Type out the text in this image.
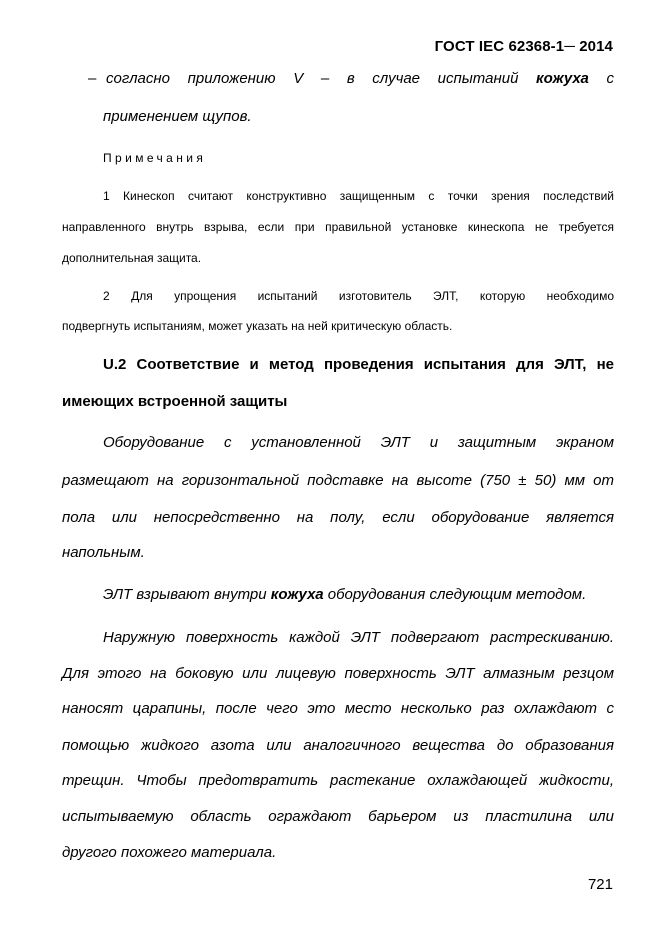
ГОСТ IEC 62368-1─ 2014
– согласно приложению V – в случае испытаний кожуха с
применением щупов.
Примечания
1 Кинескоп считают конструктивно защищенным с точки зрения последствий
направленного внутрь взрыва, если при правильной установке кинескопа не требуется
дополнительная защита.
2 Для упрощения испытаний изготовитель ЭЛТ, которую необходимо
подвергнуть испытаниям, может указать на ней критическую область.
U.2 Соответствие и метод проведения испытания для ЭЛТ, не
имеющих встроенной защиты
Оборудование с установленной ЭЛТ и защитным экраном
размещают на горизонтальной подставке на высоте (750 ± 50) мм от
пола или непосредственно на полу, если оборудование является
напольным.
ЭЛТ взрывают внутри кожуха оборудования следующим методом.
Наружную поверхность каждой ЭЛТ подвергают растрескиванию.
Для этого на боковую или лицевую поверхность ЭЛТ алмазным резцом
наносят царапины, после чего это место несколько раз охлаждают с
помощью жидкого азота или аналогичного вещества до образования
трещин. Чтобы предотвратить растекание охлаждающей жидкости,
испытываемую область ограждают барьером из пластилина или
другого похожего материала.
721
